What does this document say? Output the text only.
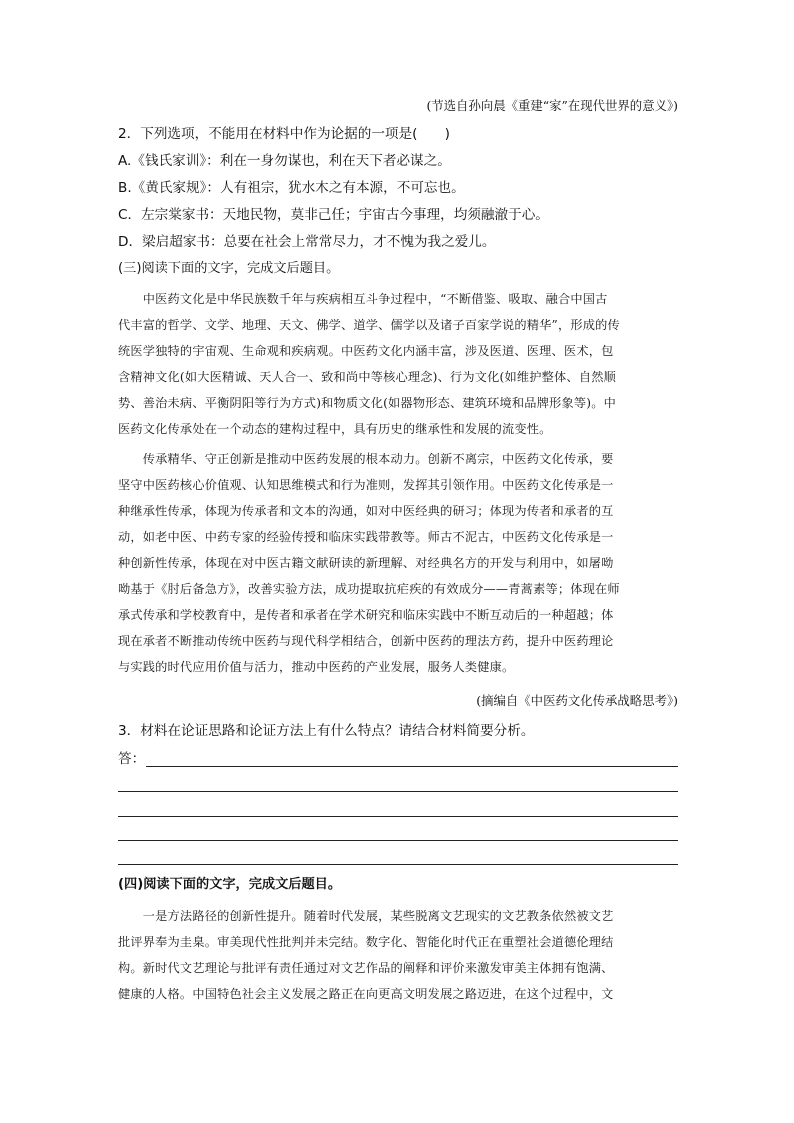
(节选自孙向晨《重建“家”在现代世界的意义》)
2．下列选项，不能用在材料中作为论据的一项是(　　)
A.《钱氏家训》：利在一身勿谋也，利在天下者必谋之。
B.《黄氏家规》：人有祖宗，犹水木之有本源，不可忘也。
C．左宗棠家书：天地民物，莫非己任；宇宙古今事理，均须融澈于心。
D．梁启超家书：总要在社会上常常尽力，才不愧为我之爱儿。
(三)阅读下面的文字，完成文后题目。
　　中医药文化是中华民族数千年与疾病相互斗争过程中，“不断借鉴、吸取、融合中国古
代丰富的哲学、文学、地理、天文、佛学、道学、儒学以及诸子百家学说的精华”，形成的传
统医学独特的宇宙观、生命观和疾病观。中医药文化内涵丰富，涉及医道、医理、医术，包
含精神文化(如大医精诚、天人合一、致和尚中等核心理念)、行为文化(如维护整体、自然顺
势、善治未病、平衡阴阳等行为方式)和物质文化(如器物形态、建筑环境和品牌形象等)。中
医药文化传承处在一个动态的建构过程中，具有历史的继承性和发展的流变性。
　　传承精华、守正创新是推动中医药发展的根本动力。创新不离宗，中医药文化传承，要
坚守中医药核心价值观、认知思维模式和行为准则，发挥其引领作用。中医药文化传承是一
种继承性传承，体现为传承者和文本的沟通，如对中医经典的研习；体现为传者和承者的互
动，如老中医、中药专家的经验传授和临床实践带教等。师古不泥古，中医药文化传承是一
种创新性传承，体现在对中医古籍文献研读的新理解、对经典名方的开发与利用中，如屠呦
呦基于《肘后备急方》，改善实验方法，成功提取抗疟疾的有效成分——青蒿素等；体现在师
承式传承和学校教育中，是传者和承者在学术研究和临床实践中不断互动后的一种超越；体
现在承者不断推动传统中医药与现代科学相结合，创新中医药的理法方药，提升中医药理论
与实践的时代应用价值与活力，推动中医药的产业发展，服务人类健康。
(摘编自《中医药文化传承战略思考》)
3．材料在论证思路和论证方法上有什么特点？请结合材料简要分析。
答：
(四)阅读下面的文字，完成文后题目。
　　一是方法路径的创新性提升。随着时代发展，某些脱离文艺现实的文艺教条依然被文艺
批评界奉为圭臬。审美现代性批判并未完结。数字化、智能化时代正在重塑社会道德伦理结
构。新时代文艺理论与批评有责任通过对文艺作品的阐释和评价来激发审美主体拥有饱满、
健康的人格。中国特色社会主义发展之路正在向更高文明发展之路迈进，在这个过程中，文
